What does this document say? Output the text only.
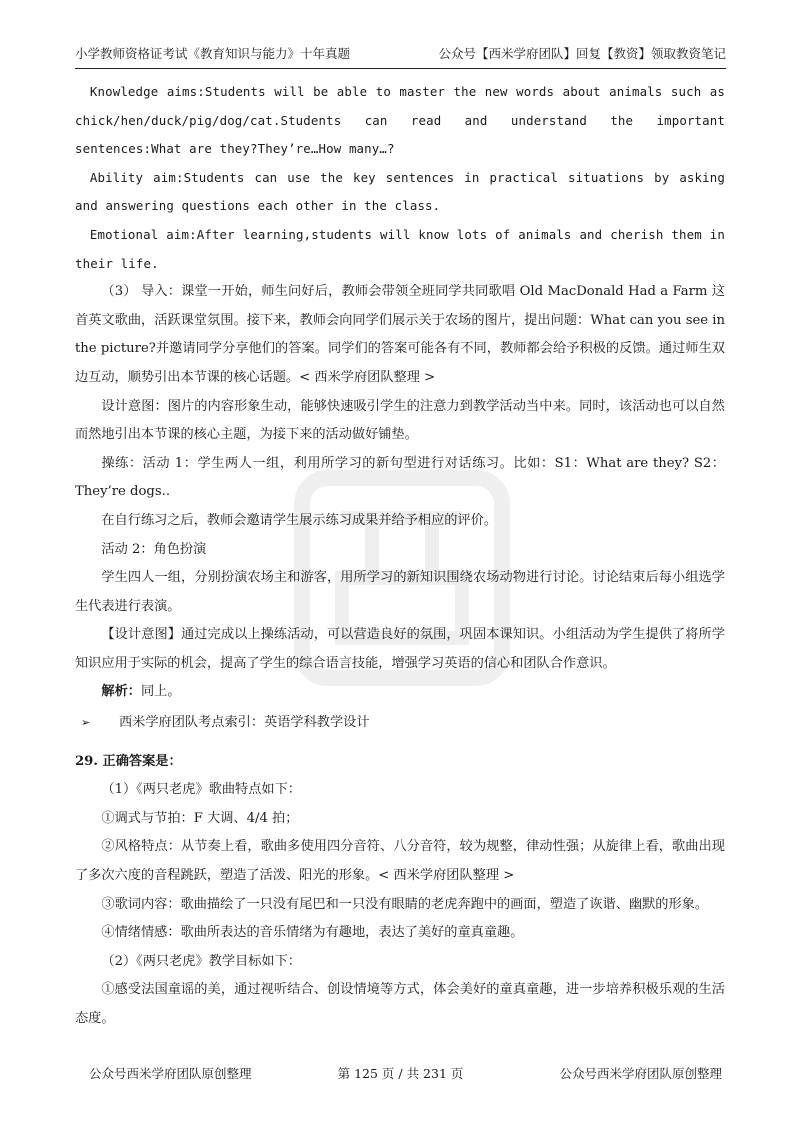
小学教师资格证考试《教育知识与能力》十年真题	公众号【西米学府团队】回复【教资】领取教资笔记

Knowledge aims:Students will be able to master the new words about animals such as chick/hen/duck/pig/dog/cat.Students can read and understand the important sentences:What are they?They’re…How many…?

Ability aim:Students can use the key sentences in practical situations by asking and answering questions each other in the class.

Emotional aim:After learning,students will know lots of animals and cherish them in their life.

（3） 导入：课堂一开始，师生问好后，教师会带领全班同学共同歌唱 Old MacDonald Had a Farm 这首英文歌曲，活跃课堂氛围。接下来，教师会向同学们展示关于农场的图片，提出问题：What can you see in the picture?并邀请同学分享他们的答案。同学们的答案可能各有不同，教师都会给予积极的反馈。通过师生双边互动，顺势引出本节课的核心话题。< 西米学府团队整理 >

设计意图：图片的内容形象生动，能够快速吸引学生的注意力到教学活动当中来。同时，该活动也可以自然而然地引出本节课的核心主题，为接下来的活动做好铺垫。

操练：活动 1：学生两人一组，利用所学习的新句型进行对话练习。比如：S1：What are they? S2：They’re dogs..

在自行练习之后，教师会邀请学生展示练习成果并给予相应的评价。

活动 2：角色扮演

学生四人一组，分别扮演农场主和游客，用所学习的新知识围绕农场动物进行讨论。讨论结束后每小组选学生代表进行表演。

【设计意图】通过完成以上操练活动，可以营造良好的氛围，巩固本课知识。小组活动为学生提供了将所学知识应用于实际的机会，提高了学生的综合语言技能，增强学习英语的信心和团队合作意识。

解析：同上。

➢ 西米学府团队考点索引：英语学科教学设计

29. 正确答案是：

（1）《两只老虎》歌曲特点如下：

①调式与节拍：F 大调、4/4 拍；

②风格特点：从节奏上看，歌曲多使用四分音符、八分音符，较为规整，律动性强；从旋律上看，歌曲出现了多次六度的音程跳跃，塑造了活泼、阳光的形象。< 西米学府团队整理 >

③歌词内容：歌曲描绘了一只没有尾巴和一只没有眼睛的老虎奔跑中的画面，塑造了诙谐、幽默的形象。

④情绪情感：歌曲所表达的音乐情绪为有趣地，表达了美好的童真童趣。

（2）《两只老虎》教学目标如下：

①感受法国童谣的美，通过视听结合、创设情境等方式，体会美好的童真童趣，进一步培养积极乐观的生活态度。

公众号西米学府团队原创整理	第 125 页 / 共 231 页	公众号西米学府团队原创整理
